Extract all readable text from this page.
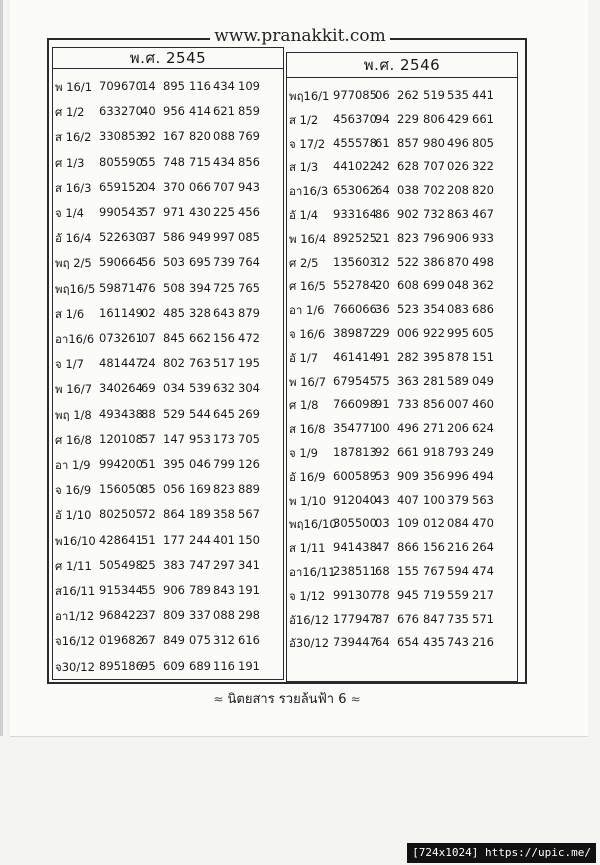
www.pranakkit.com
พ.ศ. 2545
พ 16/1 709670
14 895 116 434 109
ศ 1/2 633270
40 956 414 621 859
ส 16/2 330853
92 167 820 088 769
ศ 1/3 805590
55 748 715 434 856
ส 16/3 659152
04 370 066 707 943
จ 1/4 990543
57 971 430 225 456
อั 16/4 522630
37 586 949 997 085
พฤ 2/5 590664
56 503 695 739 764
พฤ16/5 598714
76 508 394 725 765
ส 1/6 161149
02 485 328 643 879
อา16/6 073261
07 845 662 156 472
จ 1/7 481447
24 802 763 517 195
พ 16/7 340264
69 034 539 632 304
พฤ 1/8 493438
88 529 544 645 269
ศ 16/8 120108
57 147 953 173 705
อา 1/9 994200
51 395 046 799 126
จ 16/9 156050
85 056 169 823 889
อั 1/10 802505
72 864 189 358 567
พ16/10 428641
51 177 244 401 150
ศ 1/11 505498
25 383 747 297 341
ส16/11 915344
55 906 789 843 191
อา1/12 968422
37 809 337 088 298
จ16/12 019682
67 849 075 312 616
จ30/12 895186
95 609 689 116 191
พ.ศ. 2546
พฤ16/1 977085
06 262 519 535 441
ส 1/2 456370
94 229 806 429 661
จ 17/2 455578
61 857 980 496 805
ส 1/3 441022
42 628 707 026 322
อา16/3 653062
64 038 702 208 820
อั 1/4 933164
86 902 732 863 467
พ 16/4 892525
21 823 796 906 933
ศ 2/5 135603
12 522 386 870 498
ศ 16/5 552784
20 608 699 048 362
อา 1/6 766066
36 523 354 083 686
จ 16/6 389872
29 006 922 995 605
อั 1/7 461414
91 282 395 878 151
พ 16/7 679545
75 363 281 589 049
ศ 1/8 766098
91 733 856 007 460
ส 16/8 354771
00 496 271 206 624
จ 1/9 187813
92 661 918 793 249
อั 16/9 600589
53 909 356 996 494
พ 1/10 912040
43 407 100 379 563
พฤ16/10
305500
03 109 012 084 470
ส 1/11 941438
47 866 156 216 264
อา16/11
238511
68 155 767 594 474
จ 1/12 991307
78 945 719 559 217
อั16/12 177947
87 676 847 735 571
อั30/12 739447
64 654 435 743 216
≈ นิตยสาร รวยล้นฟ้า 6 ≈
[724x1024] https://upic.me/
